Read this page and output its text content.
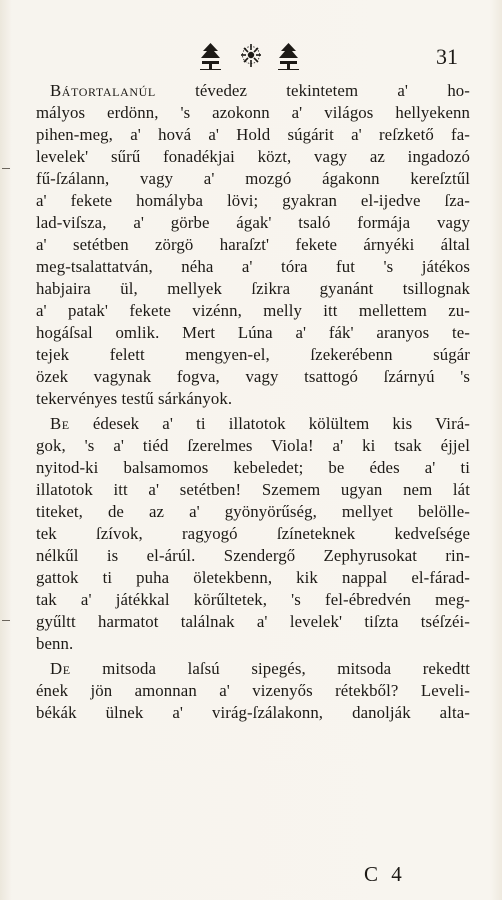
31
Bátortalanúl tévedez tekintetem a' ho-
mályos erdönn, 's azokonn a' világos hellyekenn
pihen-meg, a' hová a' Hold súgárit a' reſzkető fa-
levelek' sűrű fonadékjai közt, vagy az ingadozó
fű-ſzálann, vagy a' mozgó ágakonn kereſztűl
a' fekete homályba lövi; gyakran el-ijedve ſza-
lad-viſsza, a' görbe ágak' tsaló formája vagy
a' setétben zörgö haraſzt' fekete árnyéki által
meg-tsalattatván, néha a' tóra fut 's játékos
habjaira ül, mellyek ſzikra gyanánt tsillognak
a' patak' fekete vizénn, melly itt mellettem zu-
hogáſsal omlik. Mert Lúna a' fák' aranyos te-
tejek felett mengyen-el, ſzekerébenn súgár
özek vagynak fogva, vagy tsattogó ſzárnyú 's
tekervényes testű sárkányok.
Be édesek a' ti illatotok kölültem kis Virá-
gok, 's a' tiéd ſzerelmes Viola! a' ki tsak éjjel
nyitod-ki balsamomos kebeledet; be édes a' ti
illatotok itt a' setétben! Szemem ugyan nem lát
titeket, de az a' gyönyörűség, mellyet belölle-
tek ſzívok, ragyogó ſzíneteknek kedveſsége
nélkűl is el-árúl. Szendergő Zephyrusokat rin-
gattok ti puha öletekbenn, kik nappal el-fárad-
tak a' játékkal körűltetek, 's fel-ébredvén meg-
gyűltt harmatot találnak a' levelek' tiſzta tséſzéi-
benn.
De mitsoda laſsú sipegés, mitsoda rekedtt
ének jön amonnan a' vizenyős rétekből? Leveli-
békák ülnek a' virág-ſzálakonn, danolják alta-
C 4
